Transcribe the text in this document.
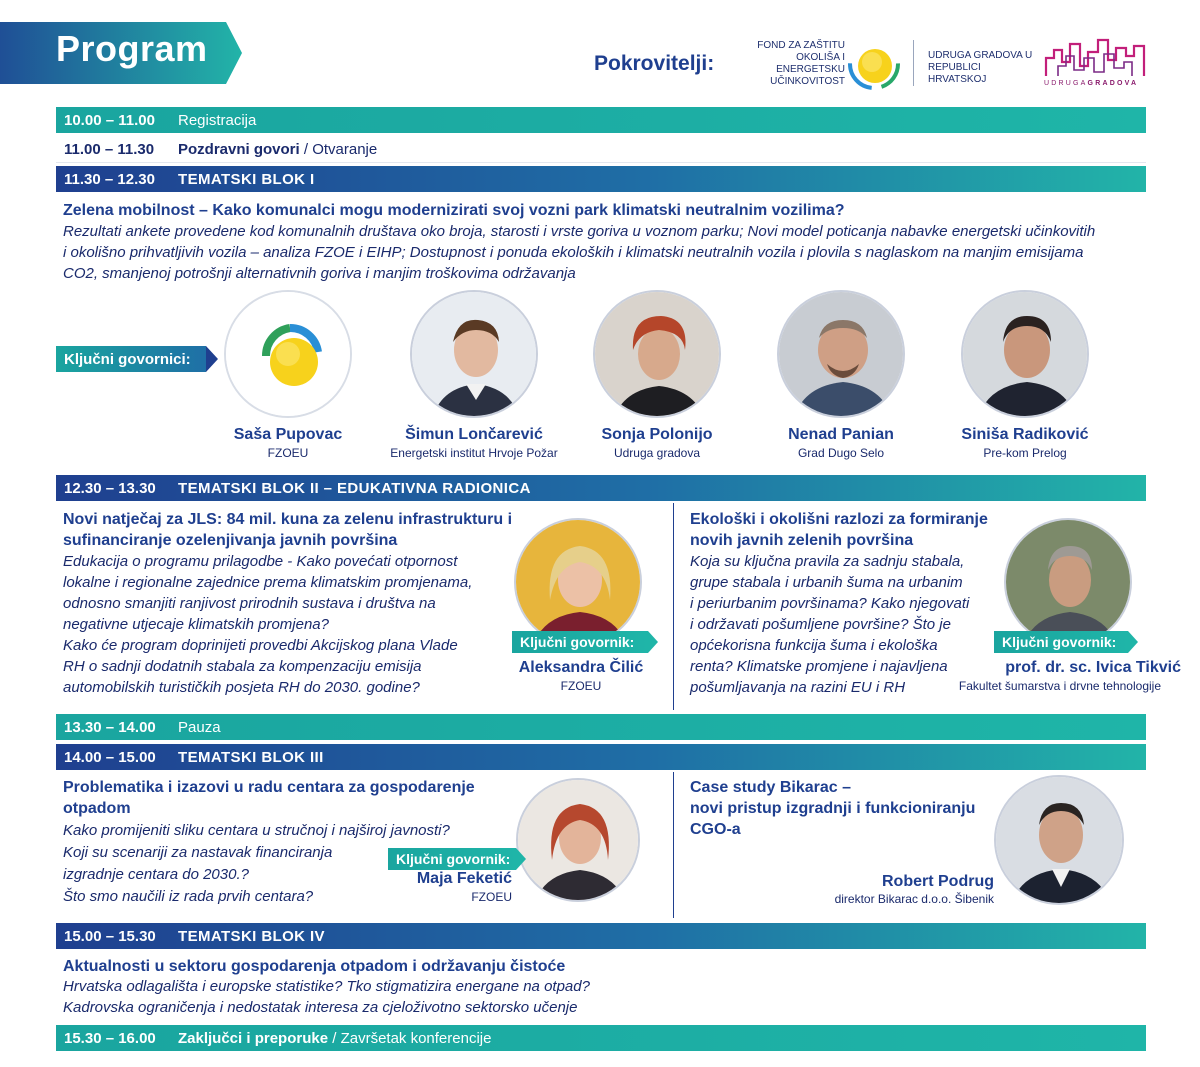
Program	Pokrovitelji:
FOND ZA ZAŠTITU OKOLIŠA I ENERGETSKU UČINKOVITOST
UDRUGA GRADOVA U REPUBLICI HRVATSKOJ	UDRUGAGRADOVA
10.00 – 11.00	Registracija
11.00 – 11.30	Pozdravni govori / Otvaranje
11.30 – 12.30	TEMATSKI BLOK I
Zelena mobilnost – Kako komunalci mogu modernizirati svoj vozni park klimatski neutralnim vozilima?
Rezultati ankete provedene kod komunalnih društava oko broja, starosti i vrste goriva u voznom parku; Novi model poticanja nabavke energetski učinkovitih
i okolišno prihvatljivih vozila – analiza FZOE i EIHP; Dostupnost i ponuda ekoloških i klimatski neutralnih vozila i plovila s naglaskom na manjim emisijama
CO2, smanjenoj potrošnji alternativnih goriva i manjim troškovima održavanja
Ključni govornici:
Saša Pupovac
FZOEU
Šimun Lončarević
Energetski institut Hrvoje Požar
Sonja Polonijo
Udruga gradova
Nenad Panian
Grad Dugo Selo
Siniša Radiković
Pre-kom Prelog
12.30 – 13.30	TEMATSKI BLOK II – EDUKATIVNA RADIONICA
Novi natječaj za JLS: 84 mil. kuna za zelenu infrastrukturu i
sufinanciranje ozelenjivanja javnih površina
Edukacija o programu prilagodbe - Kako povećati otpornost
lokalne i regionalne zajednice prema klimatskim promjenama,
odnosno smanjiti ranjivost prirodnih sustava i društva na
negativne utjecaje klimatskih promjena?
Kako će program doprinijeti provedbi Akcijskog plana Vlade
RH o sadnji dodatnih stabala za kompenzaciju emisija
automobilskih turističkih posjeta RH do 2030. godine?
Ključni govornik:
Aleksandra Čilić
FZOEU
Ekološki i okolišni razlozi za formiranje
novih javnih zelenih površina
Koja su ključna pravila za sadnju stabala,
grupe stabala i urbanih šuma na urbanim
i periurbanim površinama? Kako njegovati
i održavati pošumljene površine? Što je
općekorisna funkcija šuma i ekološka
renta? Klimatske promjene i najavljena
pošumljavanja na razini EU i RH
Ključni govornik:
prof. dr. sc. Ivica Tikvić
Fakultet šumarstva i drvne tehnologije
13.30 – 14.00	Pauza
14.00 – 15.00	TEMATSKI BLOK III
Problematika i izazovi u radu centara za gospodarenje
otpadom
Kako promijeniti sliku centara u stručnoj i najširoj javnosti?
Koji su scenariji za nastavak financiranja
izgradnje centara do 2030.?
Što smo naučili iz rada prvih centara?
Ključni govornik:
Maja Feketić
FZOEU
Case study Bikarac –
novi pristup izgradnji i funkcioniranju
CGO-a
Robert Podrug
direktor Bikarac d.o.o. Šibenik
15.00 – 15.30	TEMATSKI BLOK IV
Aktualnosti u sektoru gospodarenja otpadom i održavanju čistoće
Hrvatska odlagališta i europske statistike? Tko stigmatizira energane na otpad?
Kadrovska ograničenja i nedostatak interesa za cjeloživotno sektorsko učenje
15.30 – 16.00	Zaključci i preporuke / Završetak konferencije
